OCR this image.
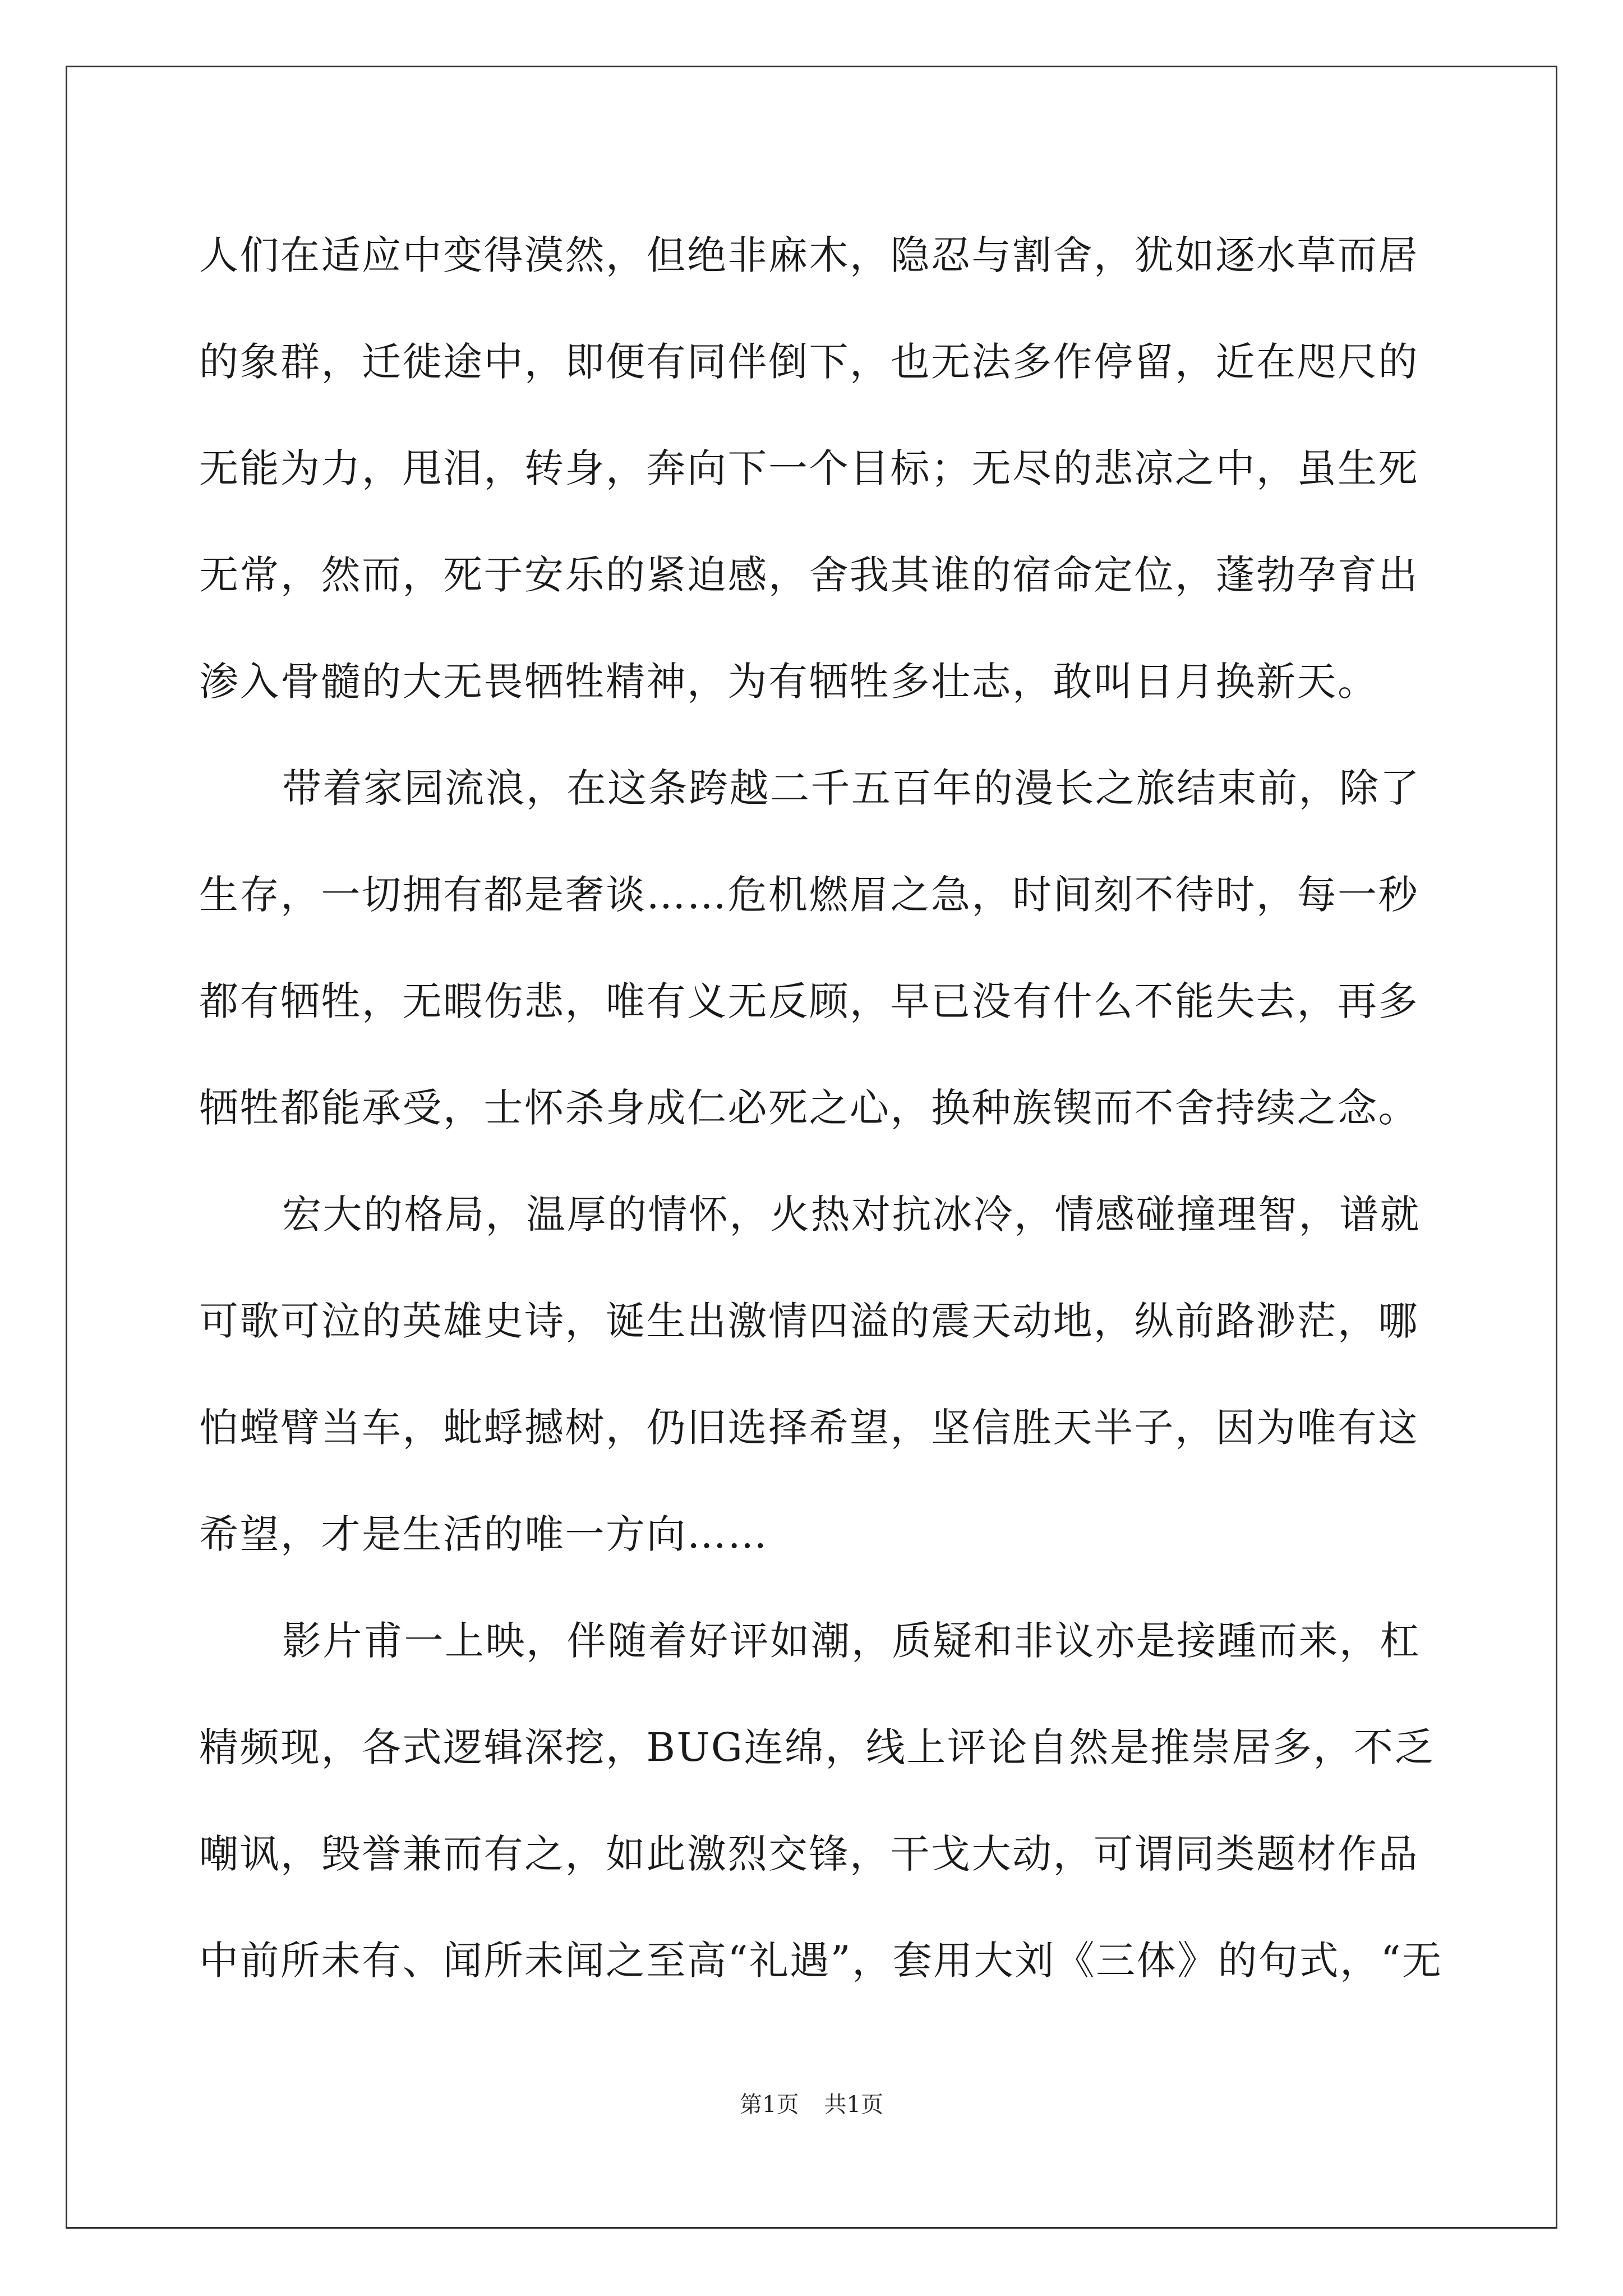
人们在适应中变得漠然，但绝非麻木，隐忍与割舍，犹如逐水草而居
的象群，迁徙途中，即便有同伴倒下，也无法多作停留，近在咫尺的
无能为力，甩泪，转身，奔向下一个目标；无尽的悲凉之中，虽生死
无常，然而，死于安乐的紧迫感，舍我其谁的宿命定位，蓬勃孕育出
渗入骨髓的大无畏牺牲精神，为有牺牲多壮志，敢叫日月换新天。
带着家园流浪，在这条跨越二千五百年的漫长之旅结束前，除了
生存，一切拥有都是奢谈……危机燃眉之急，时间刻不待时，每一秒
都有牺牲，无暇伤悲，唯有义无反顾，早已没有什么不能失去，再多
牺牲都能承受，士怀杀身成仁必死之心，换种族锲而不舍持续之念。
宏大的格局，温厚的情怀，火热对抗冰冷，情感碰撞理智，谱就
可歌可泣的英雄史诗，诞生出激情四溢的震天动地，纵前路渺茫，哪
怕螳臂当车，蚍蜉撼树，仍旧选择希望，坚信胜天半子，因为唯有这
希望，才是生活的唯一方向……
影片甫一上映，伴随着好评如潮，质疑和非议亦是接踵而来，杠
精频现，各式逻辑深挖，BUG连绵，线上评论自然是推崇居多，不乏
嘲讽，毁誉兼而有之，如此激烈交锋，干戈大动，可谓同类题材作品
中前所未有、闻所未闻之至高“礼遇”，套用大刘《三体》的句式，“无
第1页 共1页
